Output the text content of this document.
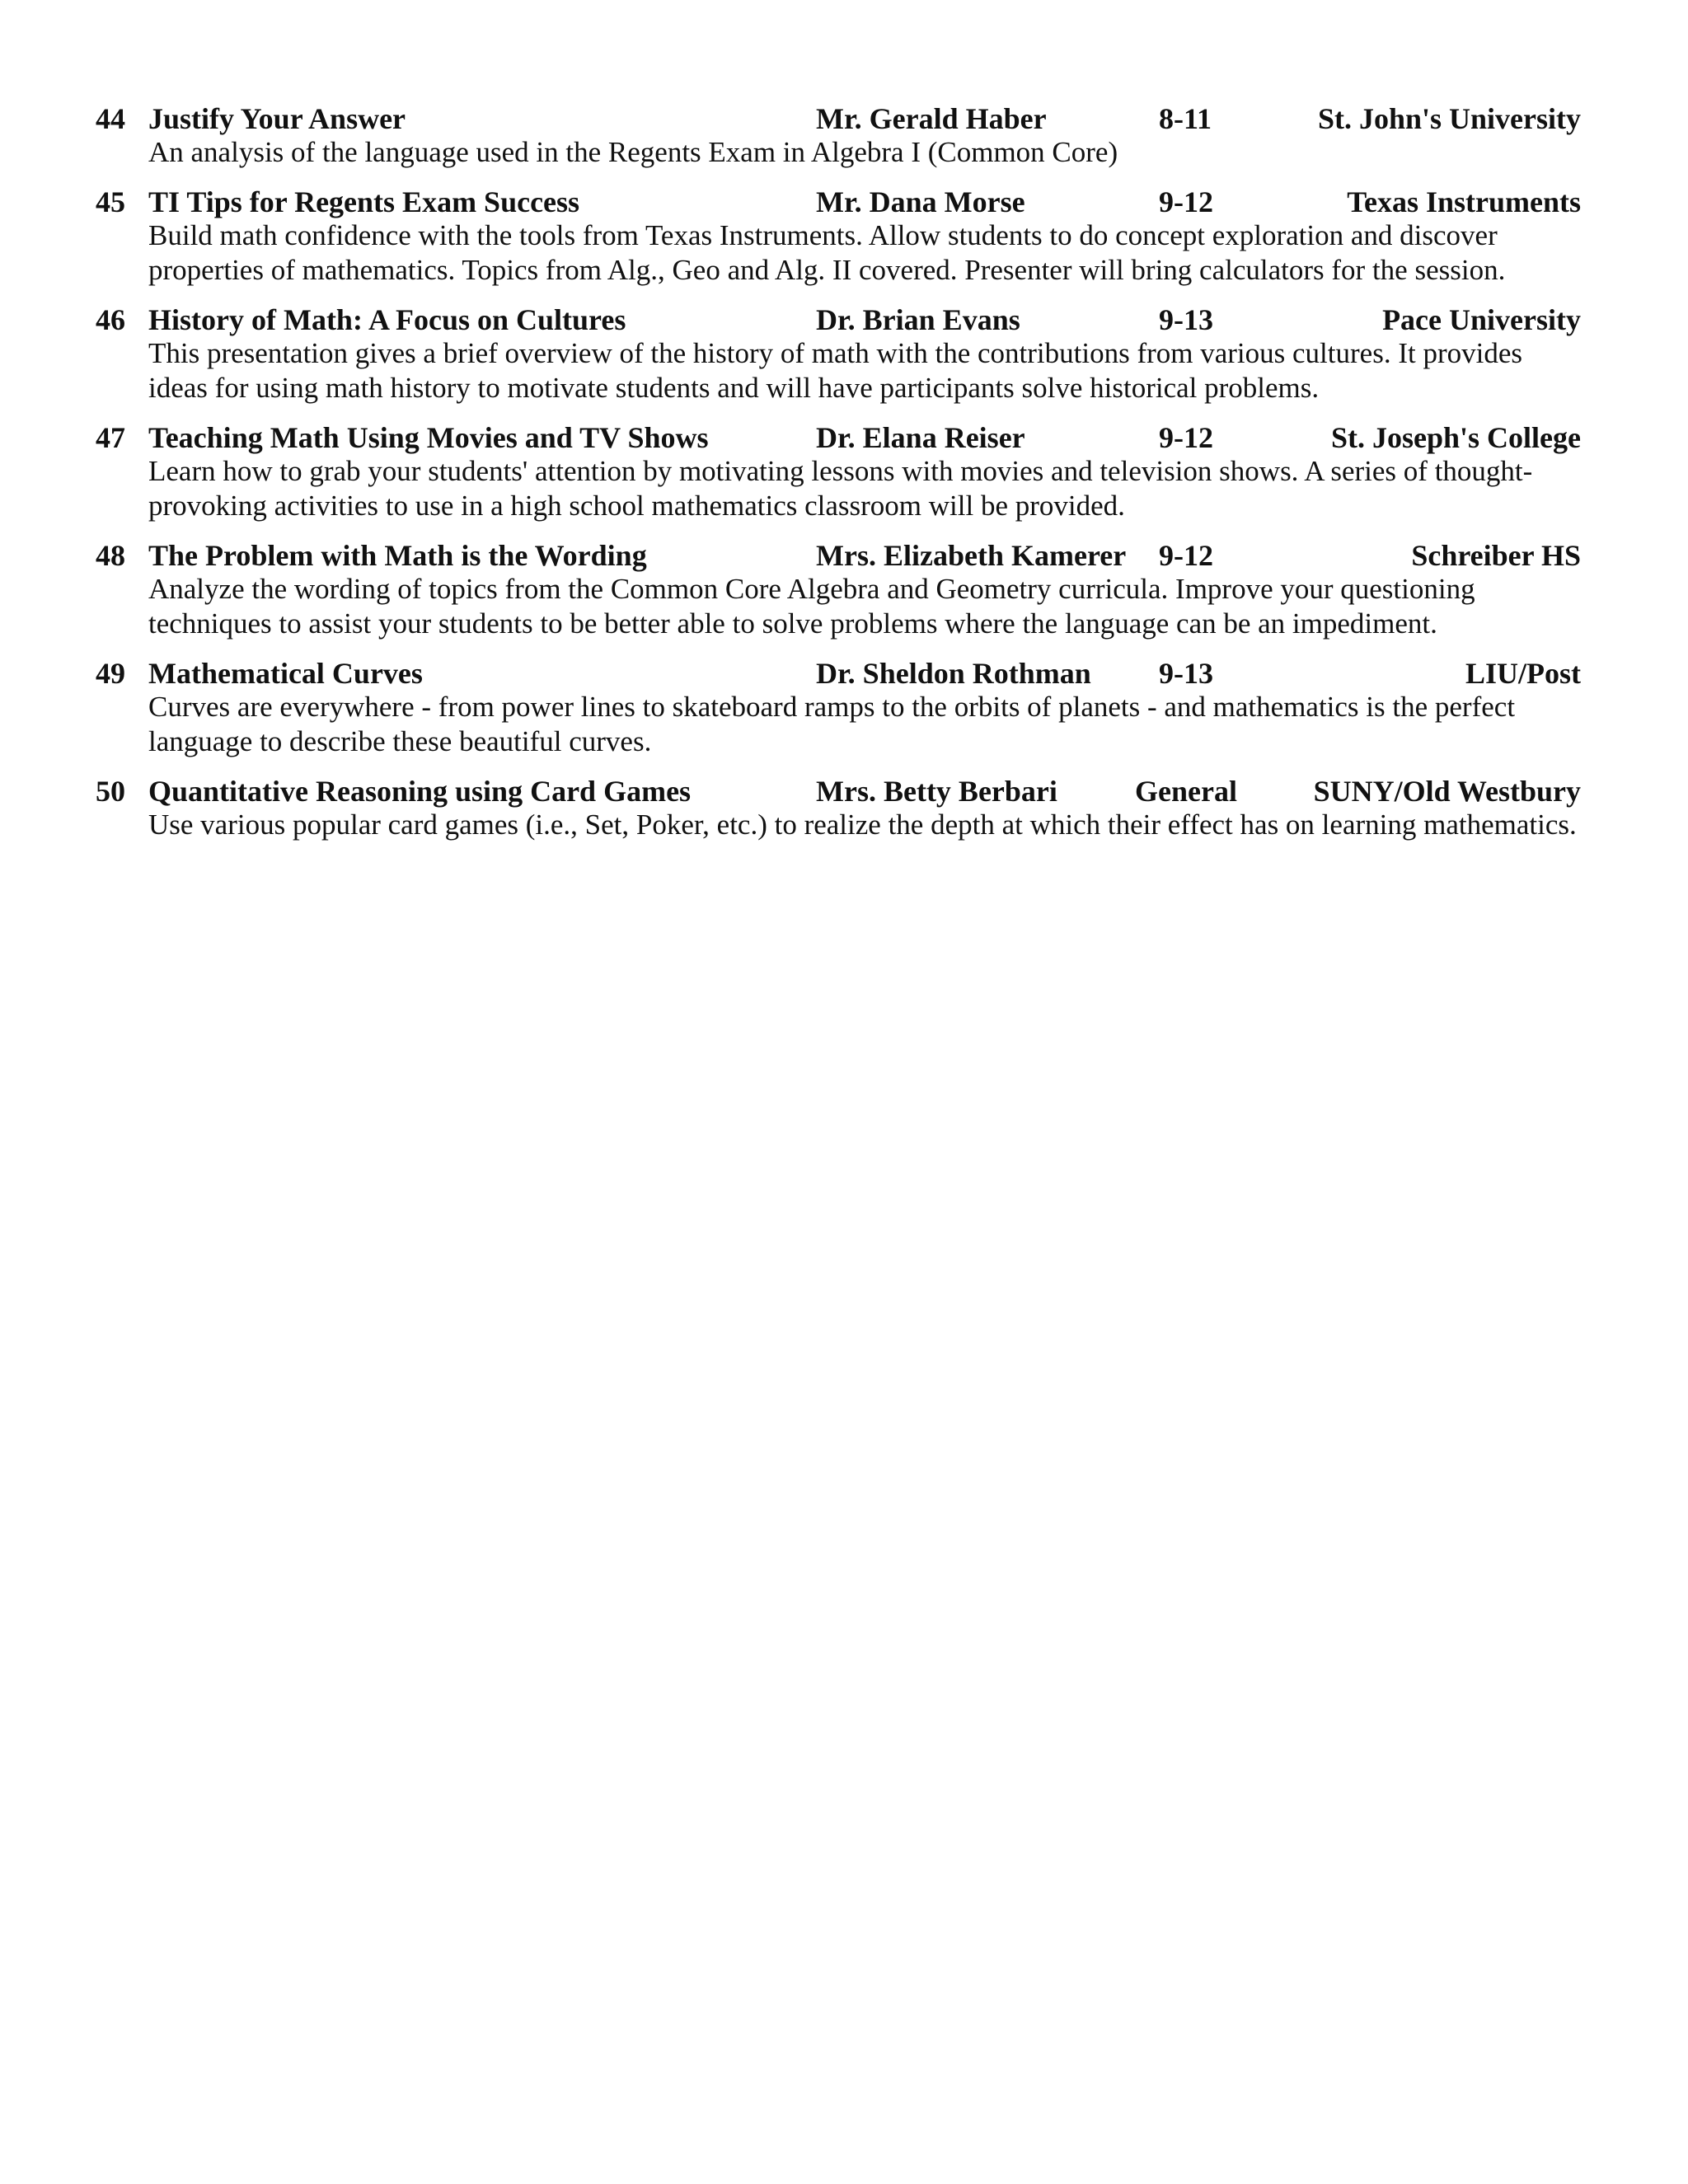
44 Justify Your Answer	Mr. Gerald Haber	8-11	St. John's University
An analysis of the language used in the Regents Exam in Algebra I (Common Core)
45 TI Tips for Regents Exam Success	Mr. Dana Morse	9-12	Texas Instruments
Build math confidence with the tools from Texas Instruments. Allow students to do concept exploration and discover properties of mathematics. Topics from Alg., Geo and Alg. II covered. Presenter will bring calculators for the session.
46 History of Math: A Focus on Cultures	Dr. Brian Evans	9-13	Pace University
This presentation gives a brief overview of the history of math with the contributions from various cultures. It provides ideas for using math history to motivate students and will have participants solve historical problems.
47 Teaching Math Using Movies and TV Shows	Dr. Elana Reiser	9-12	St. Joseph's College
Learn how to grab your students' attention by motivating lessons with movies and television shows. A series of thought-provoking activities to use in a high school mathematics classroom will be provided.
48 The Problem with Math is the Wording	Mrs. Elizabeth Kamerer 9-12	Schreiber HS
Analyze the wording of topics from the Common Core Algebra and Geometry curricula. Improve your questioning techniques to assist your students to be better able to solve problems where the language can be an impediment.
49 Mathematical Curves	Dr. Sheldon Rothman 9-13	LIU/Post
Curves are everywhere - from power lines to skateboard ramps to the orbits of planets - and mathematics is the perfect language to describe these beautiful curves.
50 Quantitative Reasoning using Card Games	Mrs. Betty Berbari	General	SUNY/Old Westbury
Use various popular card games (i.e., Set, Poker, etc.) to realize the depth at which their effect has on learning mathematics.
